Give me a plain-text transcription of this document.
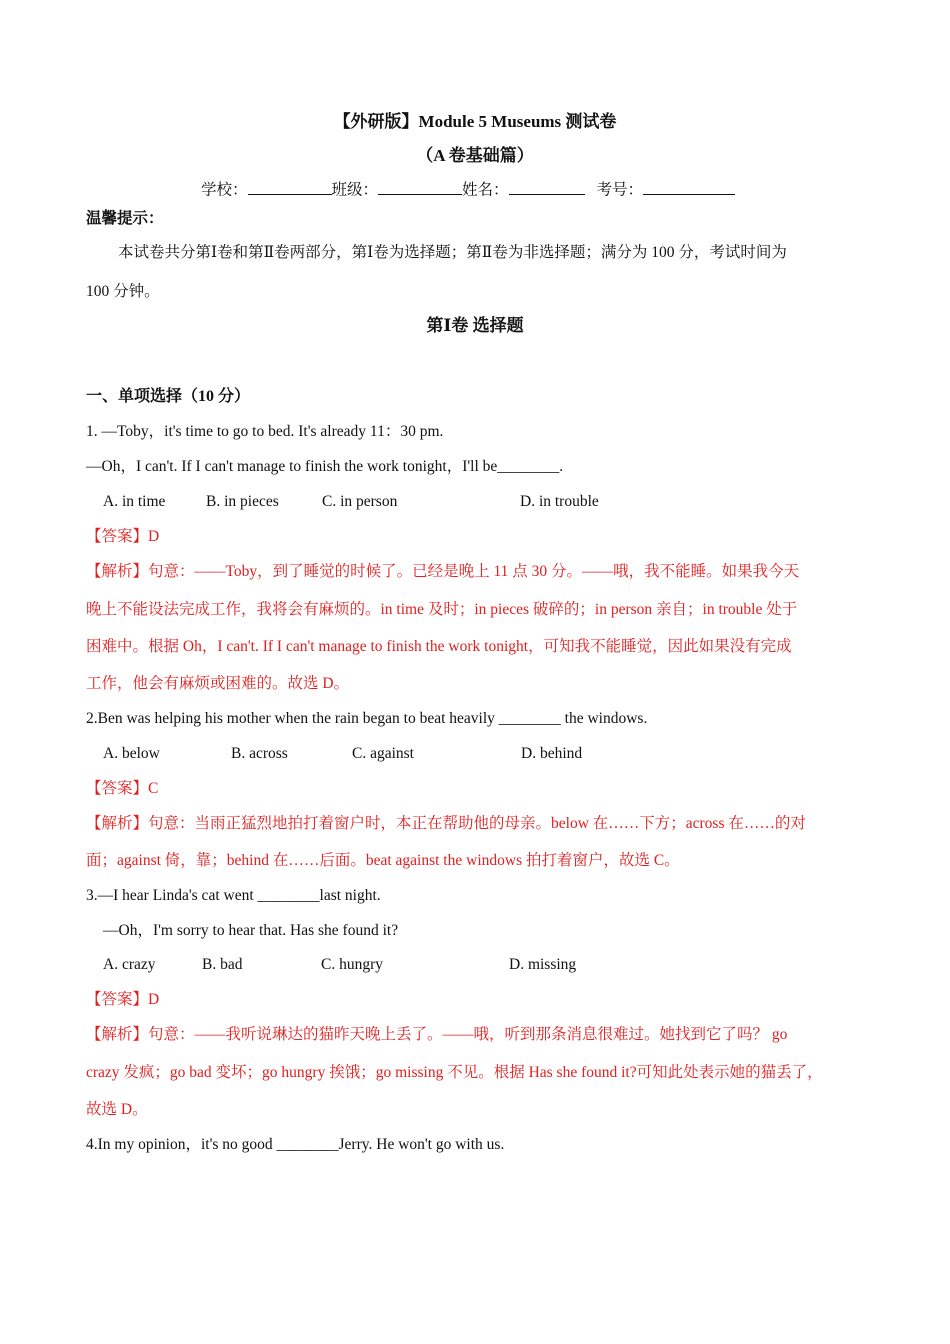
【外研版】Module 5 Museums 测试卷
（A 卷基础篇）
学校：	班级：	姓名：	考号：
温馨提示：
本试卷共分第Ⅰ卷和第Ⅱ卷两部分，第Ⅰ卷为选择题；第Ⅱ卷为非选择题；满分为 100 分，考试时间为
100 分钟。
第Ⅰ卷 选择题
一、单项选择（10 分）
1. —Toby，it's time to go to bed. It's already 11：30 pm.
—Oh，I can't. If I can't manage to finish the work tonight，I'll be________.
A. in time	B. in pieces	C. in person	D. in trouble
【答案】D
【解析】句意：——Toby，到了睡觉的时候了。已经是晚上 11 点 30 分。——哦，我不能睡。如果我今天
晚上不能设法完成工作，我将会有麻烦的。in time 及时；in pieces 破碎的；in person 亲自；in trouble 处于
困难中。根据 Oh，I can't. If I can't manage to finish the work tonight，可知我不能睡觉，因此如果没有完成
工作，他会有麻烦或困难的。故选 D。
2.Ben was helping his mother when the rain began to beat heavily ________ the windows.
A. below	B. across	C. against	D. behind
【答案】C
【解析】句意：当雨正猛烈地拍打着窗户时，本正在帮助他的母亲。below 在……下方；across 在……的对
面；against 倚，靠；behind 在……后面。beat against the windows 拍打着窗户，故选 C。
3.—I hear Linda's cat went ________last night.
—Oh，I'm sorry to hear that. Has she found it?
A. crazy	B. bad	C. hungry	D. missing
【答案】D
【解析】句意：——我听说琳达的猫昨天晚上丢了。——哦，听到那条消息很难过。她找到它了吗？ go
crazy 发疯；go bad 变坏；go hungry 挨饿；go missing 不见。根据 Has she found it?可知此处表示她的猫丢了，
故选 D。
4.In my opinion，it's no good ________Jerry. He won't go with us.
